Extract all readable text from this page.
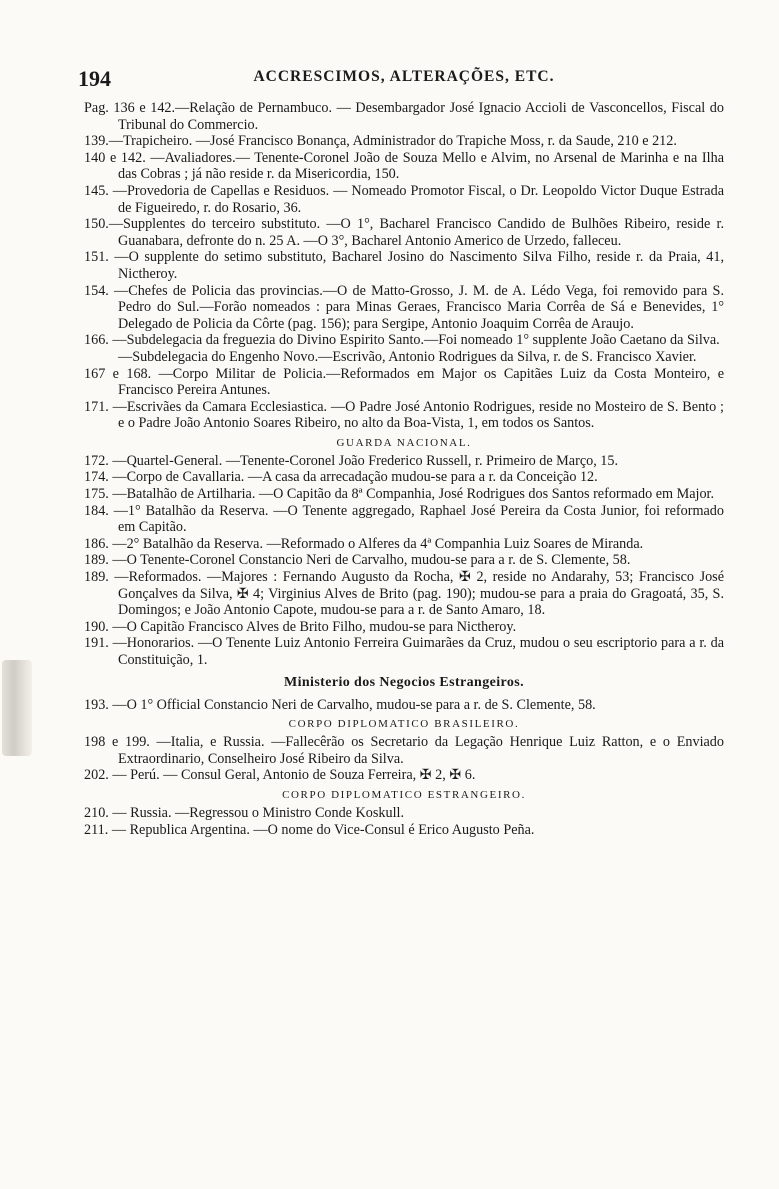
194	ACCRESCIMOS, ALTERAÇÕES, ETC.

Pag. 136 e 142.—Relação de Pernambuco. — Desembargador José Ignacio Accioli de Vasconcellos, Fiscal do Tribunal do Commercio.

139.—Trapicheiro. —José Francisco Bonança, Administrador do Trapiche Moss, r. da Saude, 210 e 212.

140 e 142. —Avaliadores.— Tenente-Coronel João de Souza Mello e Alvim, no Arsenal de Marinha e na Ilha das Cobras ; já não reside r. da Misericordia, 150.

145. —Provedoria de Capellas e Residuos. — Nomeado Promotor Fiscal, o Dr. Leopoldo Victor Duque Estrada de Figueiredo, r. do Rosario, 36.

150.—Supplentes do terceiro substituto. —O 1°, Bacharel Francisco Candido de Bulhões Ribeiro, reside r. Guanabara, defronte do n. 25 A. —O 3°, Bacharel Antonio Americo de Urzedo, falleceu.

151. —O supplente do setimo substituto, Bacharel Josino do Nascimento Silva Filho, reside r. da Praia, 41, Nictheroy.

154. —Chefes de Policia das provincias.—O de Matto-Grosso, J. M. de A. Lédo Vega, foi removido para S. Pedro do Sul.—Forão nomeados : para Minas Geraes, Francisco Maria Corrêa de Sá e Benevides, 1° Delegado de Policia da Côrte (pag. 156); para Sergipe, Antonio Joaquim Corrêa de Araujo.

166. —Subdelegacia da freguezia do Divino Espirito Santo.—Foi nomeado 1° supplente João Caetano da Silva.

—Subdelegacia do Engenho Novo.—Escrivão, Antonio Rodrigues da Silva, r. de S. Francisco Xavier.

167 e 168. —Corpo Militar de Policia.—Reformados em Major os Capitães Luiz da Costa Monteiro, e Francisco Pereira Antunes.

171. —Escrivães da Camara Ecclesiastica. —O Padre José Antonio Rodrigues, reside no Mosteiro de S. Bento ; e o Padre João Antonio Soares Ribeiro, no alto da Boa-Vista, 1, em todos os Santos.

GUARDA NACIONAL.

172. —Quartel-General. —Tenente-Coronel João Frederico Russell, r. Primeiro de Março, 15.

174. —Corpo de Cavallaria. —A casa da arrecadação mudou-se para a r. da Conceição 12.

175. —Batalhão de Artilharia. —O Capitão da 8ª Companhia, José Rodrigues dos Santos reformado em Major.

184. —1° Batalhão da Reserva. —O Tenente aggregado, Raphael José Pereira da Costa Junior, foi reformado em Capitão.

186. —2° Batalhão da Reserva. —Reformado o Alferes da 4ª Companhia Luiz Soares de Miranda.

189. —O Tenente-Coronel Constancio Neri de Carvalho, mudou-se para a r. de S. Clemente, 58.

189. —Reformados. —Majores : Fernando Augusto da Rocha, ✠ 2, reside no Andarahy, 53; Francisco José Gonçalves da Silva, ✠ 4; Virginius Alves de Brito (pag. 190); mudou-se para a praia do Gragoatá, 35, S. Domingos; e João Antonio Capote, mudou-se para a r. de Santo Amaro, 18.

190. —O Capitão Francisco Alves de Brito Filho, mudou-se para Nictheroy.

191. —Honorarios. —O Tenente Luiz Antonio Ferreira Guimarães da Cruz, mudou o seu escriptorio para a r. da Constituição, 1.

Ministerio dos Negocios Estrangeiros.

193. —O 1° Official Constancio Neri de Carvalho, mudou-se para a r. de S. Clemente, 58.

CORPO DIPLOMATICO BRASILEIRO.

198 e 199. —Italia, e Russia. —Fallecêrão os Secretario da Legação Henrique Luiz Ratton, e o Enviado Extraordinario, Conselheiro José Ribeiro da Silva.

202. — Perú. — Consul Geral, Antonio de Souza Ferreira, ✠ 2, ✠ 6.

CORPO DIPLOMATICO ESTRANGEIRO.

210. — Russia. —Regressou o Ministro Conde Koskull.

211. — Republica Argentina. —O nome do Vice-Consul é Erico Augusto Peña.
